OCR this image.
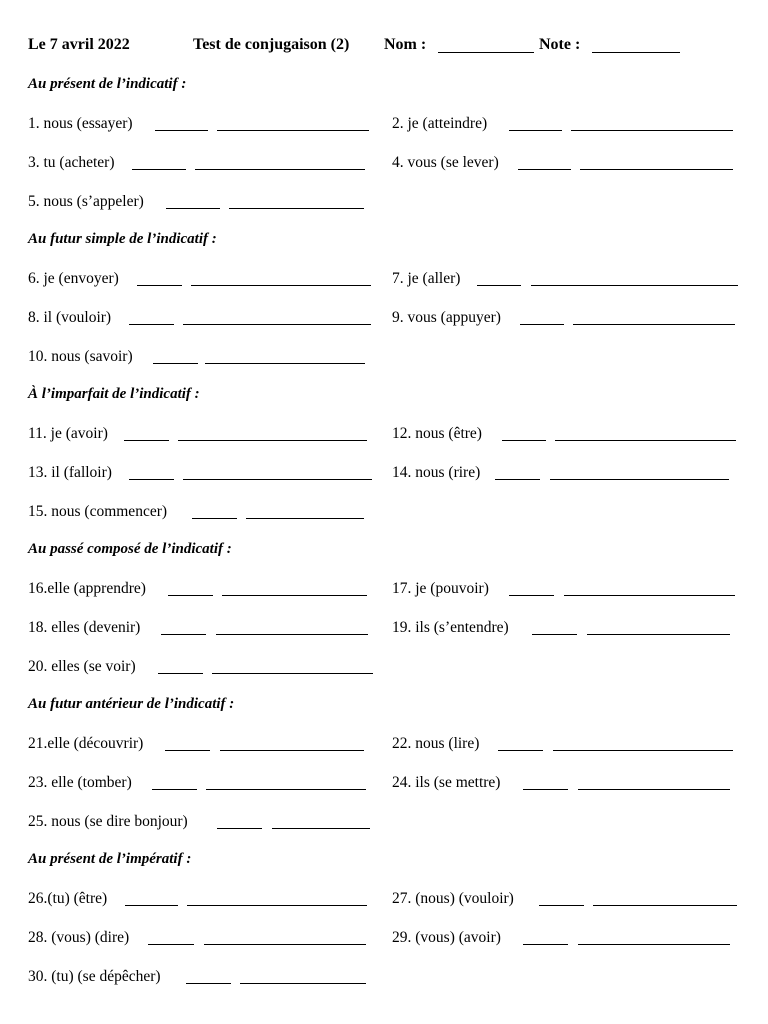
Le 7 avril 2022	Test de conjugaison (2) Nom :	Note :
Au présent de l’indicatif :
1. nous (essayer)	2. je (atteindre)
3. tu (acheter)	4. vous (se lever)
5. nous (s’appeler)
Au futur simple de l’indicatif :
6. je (envoyer)	7. je (aller)
8. il (vouloir)	9. vous (appuyer)
10. nous (savoir)
À l’imparfait de l’indicatif :
11. je (avoir)	12. nous (être)
13. il (falloir)	14. nous (rire)
15. nous (commencer)
Au passé composé de l’indicatif :
16.elle (apprendre)	17. je (pouvoir)
18. elles (devenir)	19. ils (s’entendre)
20. elles (se voir)
Au futur antérieur de l’indicatif :
21.elle (découvrir)	22. nous (lire)
23. elle (tomber)	24. ils (se mettre)
25. nous (se dire bonjour)
Au présent de l’impératif :
26.(tu) (être)	27. (nous) (vouloir)
28. (vous) (dire)	29. (vous) (avoir)
30. (tu) (se dépêcher)
